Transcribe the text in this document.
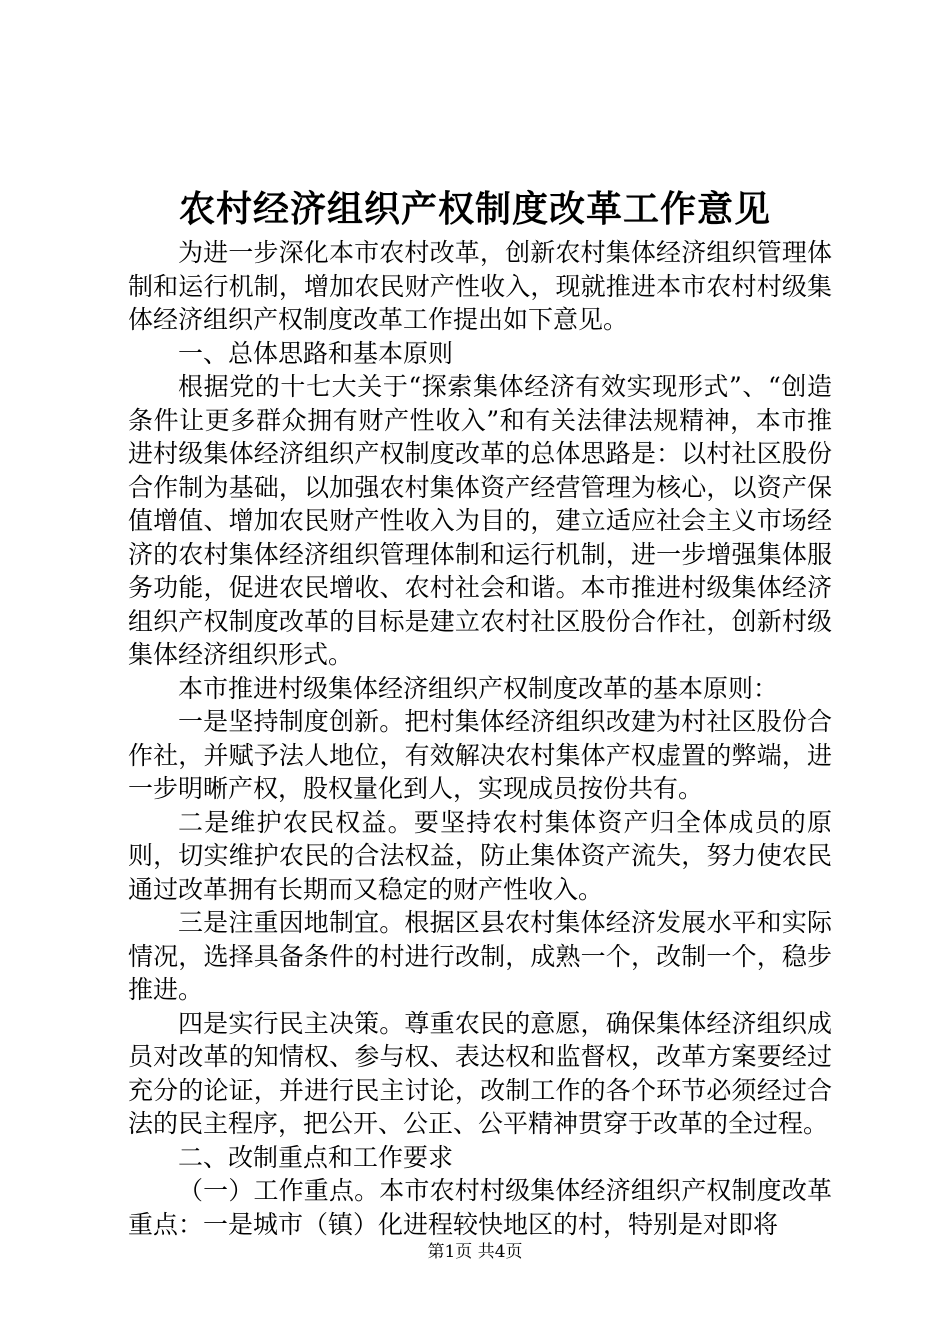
农村经济组织产权制度改革工作意见

为进一步深化本市农村改革，创新农村集体经济组织管理体制和运行机制，增加农民财产性收入，现就推进本市农村村级集体经济组织产权制度改革工作提出如下意见。

一、总体思路和基本原则

根据党的十七大关于“探索集体经济有效实现形式”、“创造条件让更多群众拥有财产性收入”和有关法律法规精神，本市推进村级集体经济组织产权制度改革的总体思路是：以村社区股份合作制为基础，以加强农村集体资产经营管理为核心，以资产保值增值、增加农民财产性收入为目的，建立适应社会主义市场经济的农村集体经济组织管理体制和运行机制，进一步增强集体服务功能，促进农民增收、农村社会和谐。本市推进村级集体经济组织产权制度改革的目标是建立农村社区股份合作社，创新村级集体经济组织形式。

本市推进村级集体经济组织产权制度改革的基本原则：

一是坚持制度创新。把村集体经济组织改建为村社区股份合作社，并赋予法人地位，有效解决农村集体产权虚置的弊端，进一步明晰产权，股权量化到人，实现成员按份共有。

二是维护农民权益。要坚持农村集体资产归全体成员的原则，切实维护农民的合法权益，防止集体资产流失，努力使农民通过改革拥有长期而又稳定的财产性收入。

三是注重因地制宜。根据区县农村集体经济发展水平和实际情况，选择具备条件的村进行改制，成熟一个，改制一个，稳步推进。

四是实行民主决策。尊重农民的意愿，确保集体经济组织成员对改革的知情权、参与权、表达权和监督权，改革方案要经过充分的论证，并进行民主讨论，改制工作的各个环节必须经过合法的民主程序，把公开、公正、公平精神贯穿于改革的全过程。

二、改制重点和工作要求

（一）工作重点。本市农村村级集体经济组织产权制度改革重点：一是城市（镇）化进程较快地区的村，特别是对即将

第1页 共4页
